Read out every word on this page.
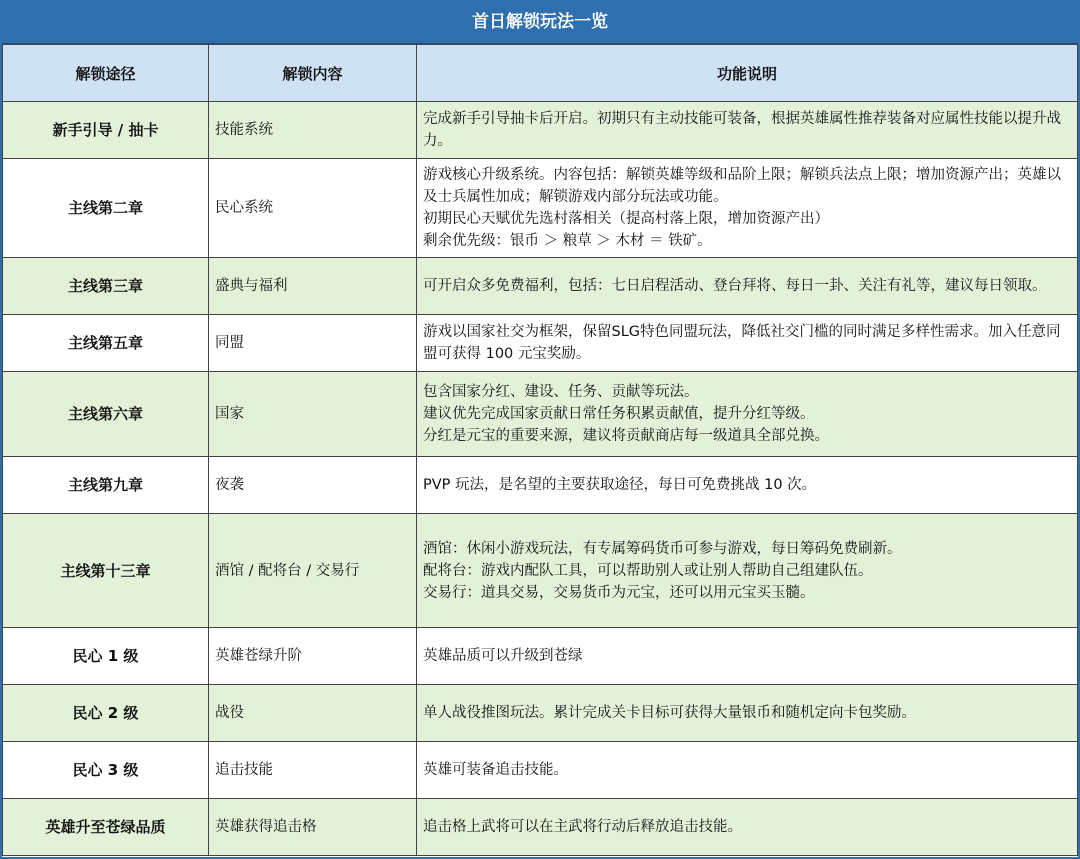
首日解锁玩法一览
解锁途径	解锁内容	功能说明
新手引导 / 抽卡	技能系统	完成新手引导抽卡后开启。初期只有主动技能可装备，根据英雄属性推荐装备对应属性技能以提升战力。

主线第二章	民心系统	游戏核心升级系统。内容包括：解锁英雄等级和品阶上限；解锁兵法点上限；增加资源产出；英雄以及士兵属性加成；解锁游戏内部分玩法或功能。
初期民心天赋优先选村落相关（提高村落上限，增加资源产出）
剩余优先级：银币 ＞ 粮草 ＞ 木材 ＝ 铁矿。

主线第三章	盛典与福利	可开启众多免费福利，包括：七日启程活动、登台拜将、每日一卦、关注有礼等，建议每日领取。

主线第五章	同盟	游戏以国家社交为框架，保留SLG特色同盟玩法，降低社交门槛的同时满足多样性需求。加入任意同盟可获得 100 元宝奖励。

主线第六章	国家	包含国家分红、建设、任务、贡献等玩法。
建议优先完成国家贡献日常任务积累贡献值，提升分红等级。
分红是元宝的重要来源，建议将贡献商店每一级道具全部兑换。

主线第九章	夜袭	PVP 玩法，是名望的主要获取途径，每日可免费挑战 10 次。

主线第十三章	酒馆 / 配将台 / 交易行	酒馆：休闲小游戏玩法，有专属筹码货币可参与游戏，每日筹码免费刷新。
配将台：游戏内配队工具，可以帮助别人或让别人帮助自己组建队伍。
交易行：道具交易，交易货币为元宝，还可以用元宝买玉髓。

民心 1 级	英雄苍绿升阶	英雄品质可以升级到苍绿

民心 2 级	战役	单人战役推图玩法。累计完成关卡目标可获得大量银币和随机定向卡包奖励。

民心 3 级	追击技能	英雄可装备追击技能。

英雄升至苍绿品质	英雄获得追击格	追击格上武将可以在主武将行动后释放追击技能。
